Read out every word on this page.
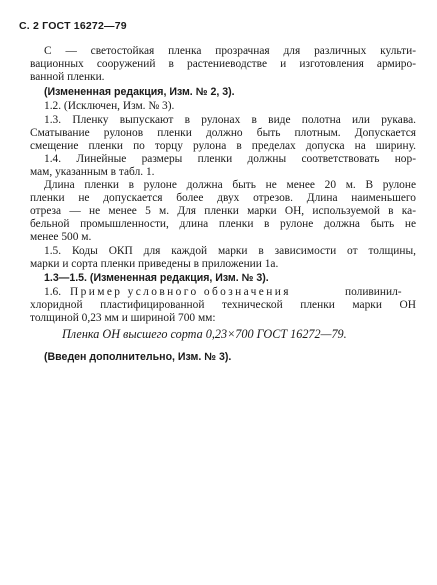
С. 2 ГОСТ 16272—79
С — светостойкая пленка прозрачная для различных культи-
вационных сооружений в растениеводстве и изготовления армиро-
ванной пленки.
(Измененная редакция, Изм. № 2, 3).
1.2. (Исключен, Изм. № 3).
1.3. Пленку выпускают в рулонах в виде полотна или рукава.
Сматывание рулонов пленки должно быть плотным. Допускается
смещение пленки по торцу рулона в пределах допуска на ширину.
1.4. Линейные размеры пленки должны соответствовать нор-
мам, указанным в табл. 1.
Длина пленки в рулоне должна быть не менее 20 м. В рулоне
пленки не допускается более двух отрезов. Длина наименьшего
отреза — не менее 5 м. Для пленки марки ОН, используемой в ка-
бельной промышленности, длина пленки в рулоне должна быть не
менее 500 м.
1.5. Коды ОКП для каждой марки в зависимости от толщины,
марки и сорта пленки приведены в приложении 1а.
1.3—1.5. (Измененная редакция, Изм. № 3).
1.6. Пример условного обозначения	поливинил-
хлоридной пластифицированной технической пленки марки ОН
толщиной 0,23 мм и шириной 700 мм:
Пленка ОН высшего сорта 0,23×700 ГОСТ 16272—79.
(Введен дополнительно, Изм. № 3).
